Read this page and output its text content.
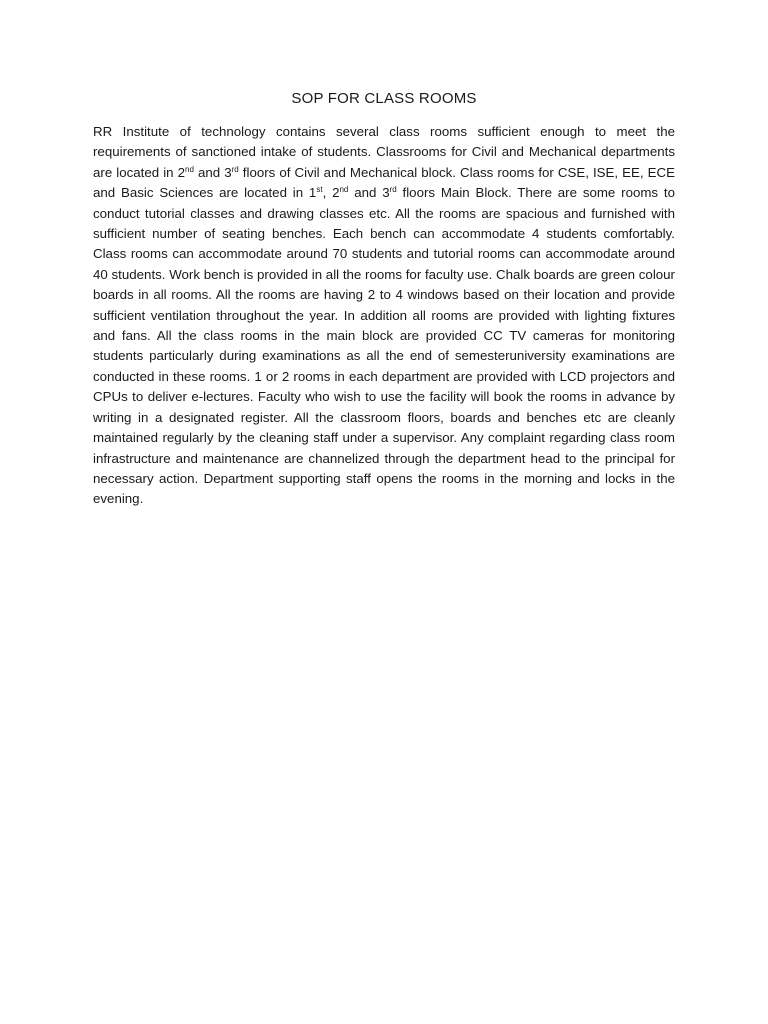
SOP FOR CLASS ROOMS

RR Institute of technology contains several class rooms sufficient enough to meet the requirements of sanctioned intake of students. Classrooms for Civil and Mechanical departments are located in 2nd and 3rd floors of Civil and Mechanical block. Class rooms for CSE, ISE, EE, ECE and Basic Sciences are located in 1st, 2nd and 3rd floors Main Block. There are some rooms to conduct tutorial classes and drawing classes etc. All the rooms are spacious and furnished with sufficient number of seating benches. Each bench can accommodate 4 students comfortably. Class rooms can accommodate around 70 students and tutorial rooms can accommodate around 40 students. Work bench is provided in all the rooms for faculty use. Chalk boards are green colour boards in all rooms. All the rooms are having 2 to 4 windows based on their location and provide sufficient ventilation throughout the year. In addition all rooms are provided with lighting fixtures and fans. All the class rooms in the main block are provided CC TV cameras for monitoring students particularly during examinations as all the end of semesteruniversity examinations are conducted in these rooms. 1 or 2 rooms in each department are provided with LCD projectors and CPUs to deliver e-lectures. Faculty who wish to use the facility will book the rooms in advance by writing in a designated register. All the classroom floors, boards and benches etc are cleanly maintained regularly by the cleaning staff under a supervisor. Any complaint regarding class room infrastructure and maintenance are channelized through the department head to the principal for necessary action. Department supporting staff opens the rooms in the morning and locks in the evening.
